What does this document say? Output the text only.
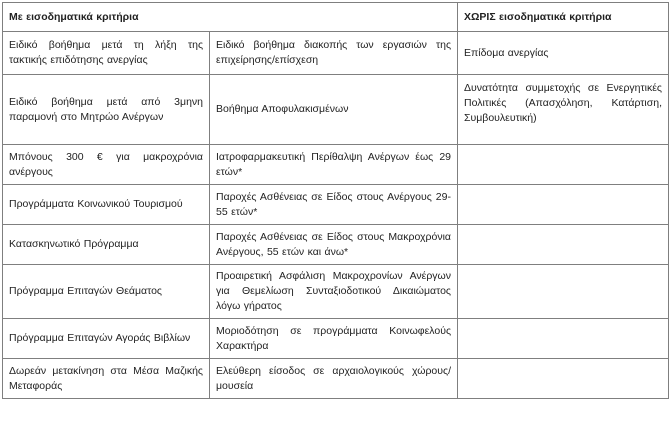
Με εισοδηματικά κριτήρια		ΧΩΡΙΣ εισοδηματικά κριτήρια
Ειδικό βοήθημα μετά τη λήξη της τακτικής επιδότησης ανεργίας	Ειδικό βοήθημα διακοπής των εργασιών της επιχείρησης/επίσχεση	Επίδομα ανεργίας
Ειδικό βοήθημα μετά από 3μηνη παραμονή στο Μητρώο Ανέργων	Βοήθημα Αποφυλακισμένων	Δυνατότητα συμμετοχής σε Ενεργητικές Πολιτικές (Απασχόληση, Κατάρτιση, Συμβουλευτική)
Μπόνους 300 € για μακροχρόνια ανέργους	Ιατροφαρμακευτική Περίθαλψη Ανέργων έως 29 ετών*	
Προγράμματα Κοινωνικού Τουρισμού	Παροχές Ασθένειας σε Είδος στους Ανέργους 29-55 ετών*	
Κατασκηνωτικό Πρόγραμμα	Παροχές Ασθένειας σε Είδος στους Μακροχρόνια Ανέργους, 55 ετών και άνω*	
Πρόγραμμα Επιταγών Θεάματος	Προαιρετική Ασφάλιση Μακροχρονίων Ανέργων για Θεμελίωση Συνταξιοδοτικού Δικαιώματος λόγω γήρατος	
Πρόγραμμα Επιταγών Αγοράς Βιβλίων	Μοριοδότηση σε προγράμματα Κοινωφελούς Χαρακτήρα	
Δωρεάν μετακίνηση στα Μέσα Μαζικής Μεταφοράς	Ελεύθερη είσοδος σε αρχαιολογικούς χώρους/ μουσεία	
